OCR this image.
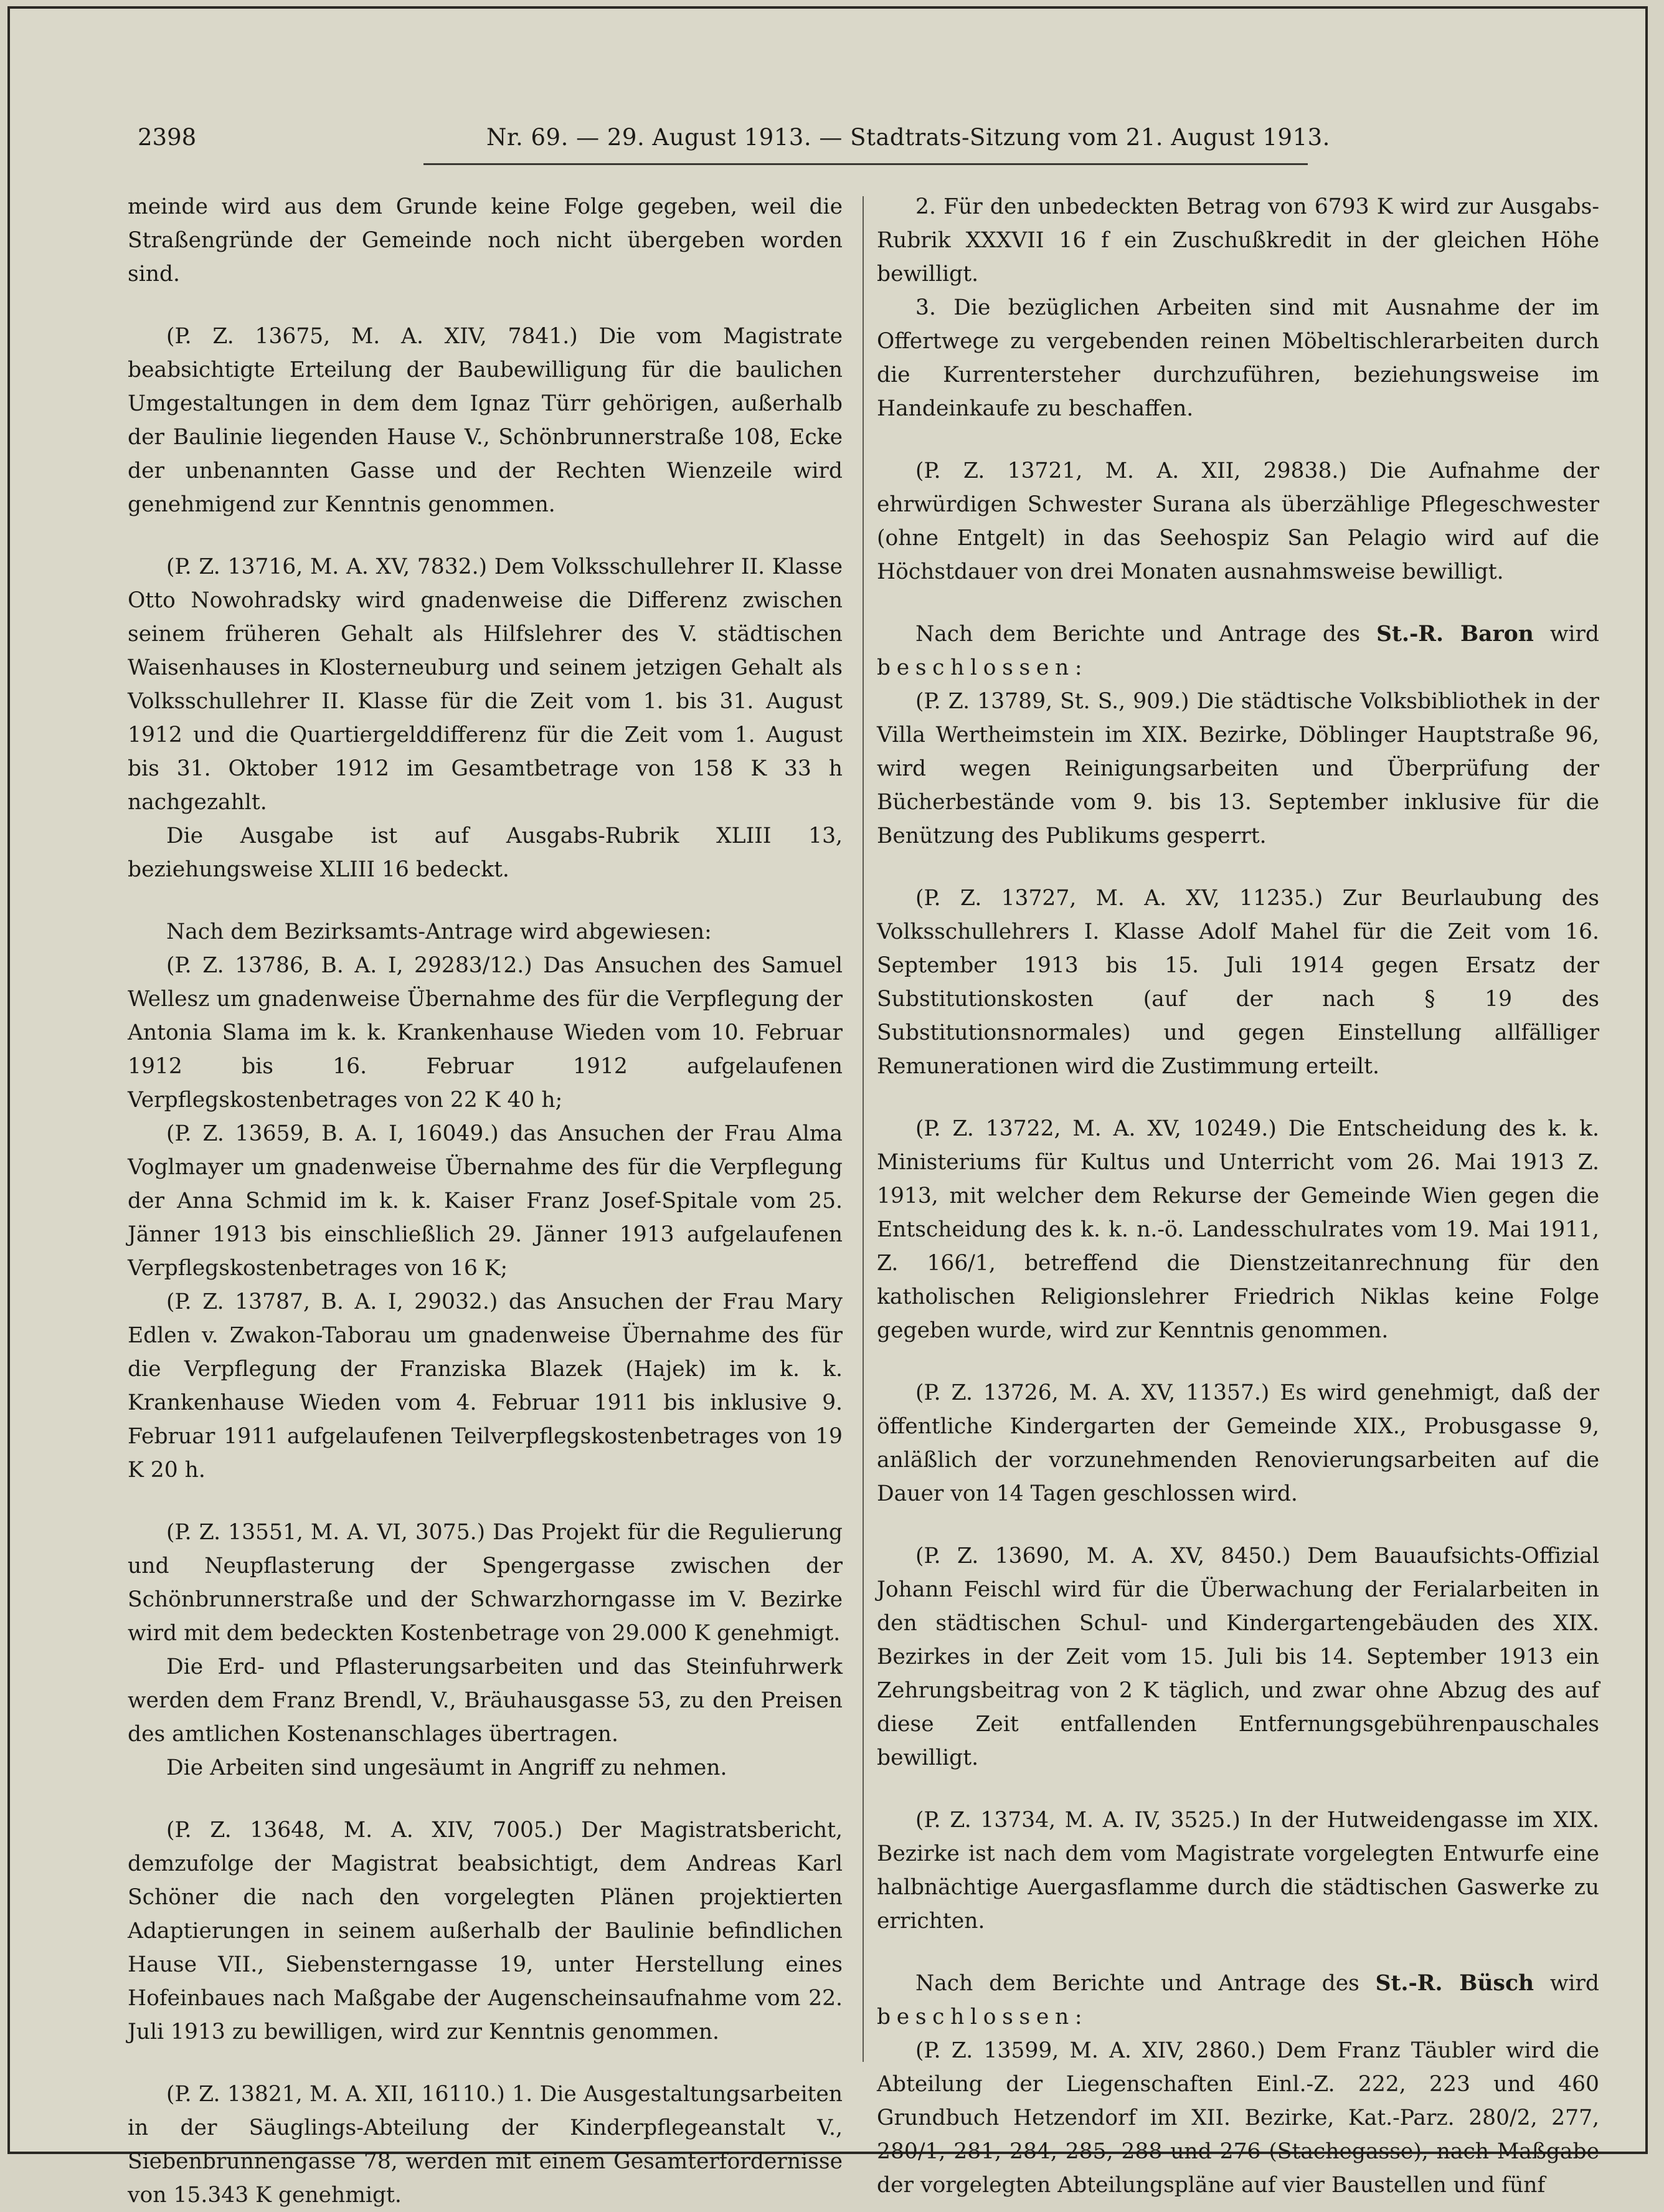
2398	Nr. 69. — 29. August 1913. — Stadtrats-Sitzung vom 21. August 1913.

meinde wird aus dem Grunde keine Folge gegeben, weil die Straßengründe der Gemeinde noch nicht übergeben worden sind.

(P. Z. 13675, M. A. XIV, 7841.) Die vom Magistrate beabsichtigte Erteilung der Baubewilligung für die baulichen Umgestaltungen in dem dem Ignaz Türr gehörigen, außerhalb der Baulinie liegenden Hause V., Schönbrunnerstraße 108, Ecke der unbenannten Gasse und der Rechten Wienzeile wird genehmigend zur Kenntnis genommen.

(P. Z. 13716, M. A. XV, 7832.) Dem Volksschullehrer II. Klasse Otto Nowohradsky wird gnadenweise die Differenz zwischen seinem früheren Gehalt als Hilfslehrer des V. städtischen Waisenhauses in Klosterneuburg und seinem jetzigen Gehalt als Volksschullehrer II. Klasse für die Zeit vom 1. bis 31. August 1912 und die Quartiergelddifferenz für die Zeit vom 1. August bis 31. Oktober 1912 im Gesamtbetrage von 158 K 33 h nachgezahlt.

Die Ausgabe ist auf Ausgabs-Rubrik XLIII 13, beziehungsweise XLIII 16 bedeckt.

Nach dem Bezirksamts-Antrage wird abgewiesen:

(P. Z. 13786, B. A. I, 29283/12.) Das Ansuchen des Samuel Wellesz um gnadenweise Übernahme des für die Verpflegung der Antonia Slama im k. k. Krankenhause Wieden vom 10. Februar 1912 bis 16. Februar 1912 aufgelaufenen Verpflegskostenbetrages von 22 K 40 h;

(P. Z. 13659, B. A. I, 16049.) das Ansuchen der Frau Alma Voglmayer um gnadenweise Übernahme des für die Verpflegung der Anna Schmid im k. k. Kaiser Franz Josef-Spitale vom 25. Jänner 1913 bis einschließlich 29. Jänner 1913 aufgelaufenen Verpflegskostenbetrages von 16 K;

(P. Z. 13787, B. A. I, 29032.) das Ansuchen der Frau Mary Edlen v. Zwakon-Taborau um gnadenweise Übernahme des für die Verpflegung der Franziska Blazek (Hajek) im k. k. Krankenhause Wieden vom 4. Februar 1911 bis inklusive 9. Februar 1911 aufgelaufenen Teilverpflegskostenbetrages von 19 K 20 h.

(P. Z. 13551, M. A. VI, 3075.) Das Projekt für die Regulierung und Neupflasterung der Spengergasse zwischen der Schönbrunnerstraße und der Schwarzhorngasse im V. Bezirke wird mit dem bedeckten Kostenbetrage von 29.000 K genehmigt.

Die Erd- und Pflasterungsarbeiten und das Steinfuhrwerk werden dem Franz Brendl, V., Bräuhausgasse 53, zu den Preisen des amtlichen Kostenanschlages übertragen.

Die Arbeiten sind ungesäumt in Angriff zu nehmen.

(P. Z. 13648, M. A. XIV, 7005.) Der Magistratsbericht, demzufolge der Magistrat beabsichtigt, dem Andreas Karl Schöner die nach den vorgelegten Plänen projektierten Adaptierungen in seinem außerhalb der Baulinie befindlichen Hause VII., Siebensterngasse 19, unter Herstellung eines Hofeinbaues nach Maßgabe der Augenscheinsaufnahme vom 22. Juli 1913 zu bewilligen, wird zur Kenntnis genommen.

(P. Z. 13821, M. A. XII, 16110.) 1. Die Ausgestaltungsarbeiten in der Säuglings-Abteilung der Kinderpflegeanstalt V., Siebenbrunnengasse 78, werden mit einem Gesamterfordernisse von 15.343 K genehmigt.

2. Für den unbedeckten Betrag von 6793 K wird zur Ausgabs-Rubrik XXXVII 16 f ein Zuschußkredit in der gleichen Höhe bewilligt.

3. Die bezüglichen Arbeiten sind mit Ausnahme der im Offertwege zu vergebenden reinen Möbeltischlerarbeiten durch die Kurrentersteher durchzuführen, beziehungsweise im Handeinkaufe zu beschaffen.

(P. Z. 13721, M. A. XII, 29838.) Die Aufnahme der ehrwürdigen Schwester Surana als überzählige Pflegeschwester (ohne Entgelt) in das Seehospiz San Pelagio wird auf die Höchstdauer von drei Monaten ausnahmsweise bewilligt.

Nach dem Berichte und Antrage des St.-R. Baron wird beschlossen:

(P. Z. 13789, St. S., 909.) Die städtische Volksbibliothek in der Villa Wertheimstein im XIX. Bezirke, Döblinger Hauptstraße 96, wird wegen Reinigungsarbeiten und Überprüfung der Bücherbestände vom 9. bis 13. September inklusive für die Benützung des Publikums gesperrt.

(P. Z. 13727, M. A. XV, 11235.) Zur Beurlaubung des Volksschullehrers I. Klasse Adolf Mahel für die Zeit vom 16. September 1913 bis 15. Juli 1914 gegen Ersatz der Substitutionskosten (auf der nach § 19 des Substitutionsnormales) und gegen Einstellung allfälliger Remunerationen wird die Zustimmung erteilt.

(P. Z. 13722, M. A. XV, 10249.) Die Entscheidung des k. k. Ministeriums für Kultus und Unterricht vom 26. Mai 1913 Z. 1913, mit welcher dem Rekurse der Gemeinde Wien gegen die Entscheidung des k. k. n.-ö. Landesschulrates vom 19. Mai 1911, Z. 166/1, betreffend die Dienstzeitanrechnung für den katholischen Religionslehrer Friedrich Niklas keine Folge gegeben wurde, wird zur Kenntnis genommen.

(P. Z. 13726, M. A. XV, 11357.) Es wird genehmigt, daß der öffentliche Kindergarten der Gemeinde XIX., Probusgasse 9, anläßlich der vorzunehmenden Renovierungsarbeiten auf die Dauer von 14 Tagen geschlossen wird.

(P. Z. 13690, M. A. XV, 8450.) Dem Bauaufsichts-Offizial Johann Feischl wird für die Überwachung der Ferialarbeiten in den städtischen Schul- und Kindergartengebäuden des XIX. Bezirkes in der Zeit vom 15. Juli bis 14. September 1913 ein Zehrungsbeitrag von 2 K täglich, und zwar ohne Abzug des auf diese Zeit entfallenden Entfernungsgebührenpauschales bewilligt.

(P. Z. 13734, M. A. IV, 3525.) In der Hutweidengasse im XIX. Bezirke ist nach dem vom Magistrate vorgelegten Entwurfe eine halbnächtige Auergasflamme durch die städtischen Gaswerke zu errichten.

Nach dem Berichte und Antrage des St.-R. Büsch wird beschlossen:

(P. Z. 13599, M. A. XIV, 2860.) Dem Franz Täubler wird die Abteilung der Liegenschaften Einl.-Z. 222, 223 und 460 Grundbuch Hetzendorf im XII. Bezirke, Kat.-Parz. 280/2, 277, 280/1, 281, 284, 285, 288 und 276 (Stachegasse), nach Maßgabe der vorgelegten Abteilungspläne auf vier Baustellen und fünf
